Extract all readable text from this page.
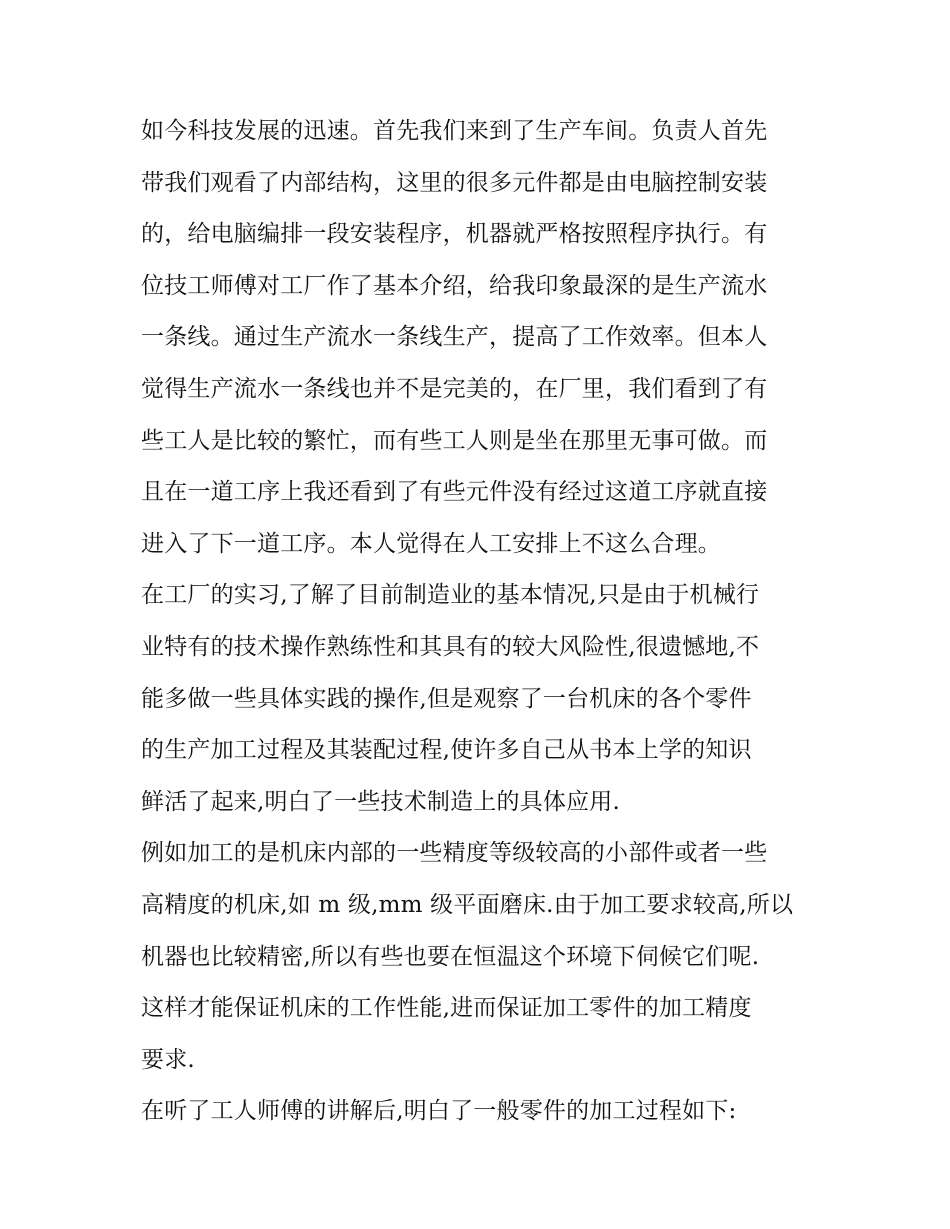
如今科技发展的迅速。首先我们来到了生产车间。负责人首先
带我们观看了内部结构，这里的很多元件都是由电脑控制安装
的，给电脑编排一段安装程序，机器就严格按照程序执行。有
位技工师傅对工厂作了基本介绍，给我印象最深的是生产流水
一条线。通过生产流水一条线生产，提高了工作效率。但本人
觉得生产流水一条线也并不是完美的，在厂里，我们看到了有
些工人是比较的繁忙，而有些工人则是坐在那里无事可做。而
且在一道工序上我还看到了有些元件没有经过这道工序就直接
进入了下一道工序。本人觉得在人工安排上不这么合理。
在工厂的实习,了解了目前制造业的基本情况,只是由于机械行
业特有的技术操作熟练性和其具有的较大风险性,很遗憾地,不
能多做一些具体实践的操作,但是观察了一台机床的各个零件
的生产加工过程及其装配过程,使许多自己从书本上学的知识
鲜活了起来,明白了一些技术制造上的具体应用.
例如加工的是机床内部的一些精度等级较高的小部件或者一些
高精度的机床,如 m 级,mm 级平面磨床.由于加工要求较高,所以
机器也比较精密,所以有些也要在恒温这个环境下伺候它们呢.
这样才能保证机床的工作性能,进而保证加工零件的加工精度
要求.
在听了工人师傅的讲解后,明白了一般零件的加工过程如下:
